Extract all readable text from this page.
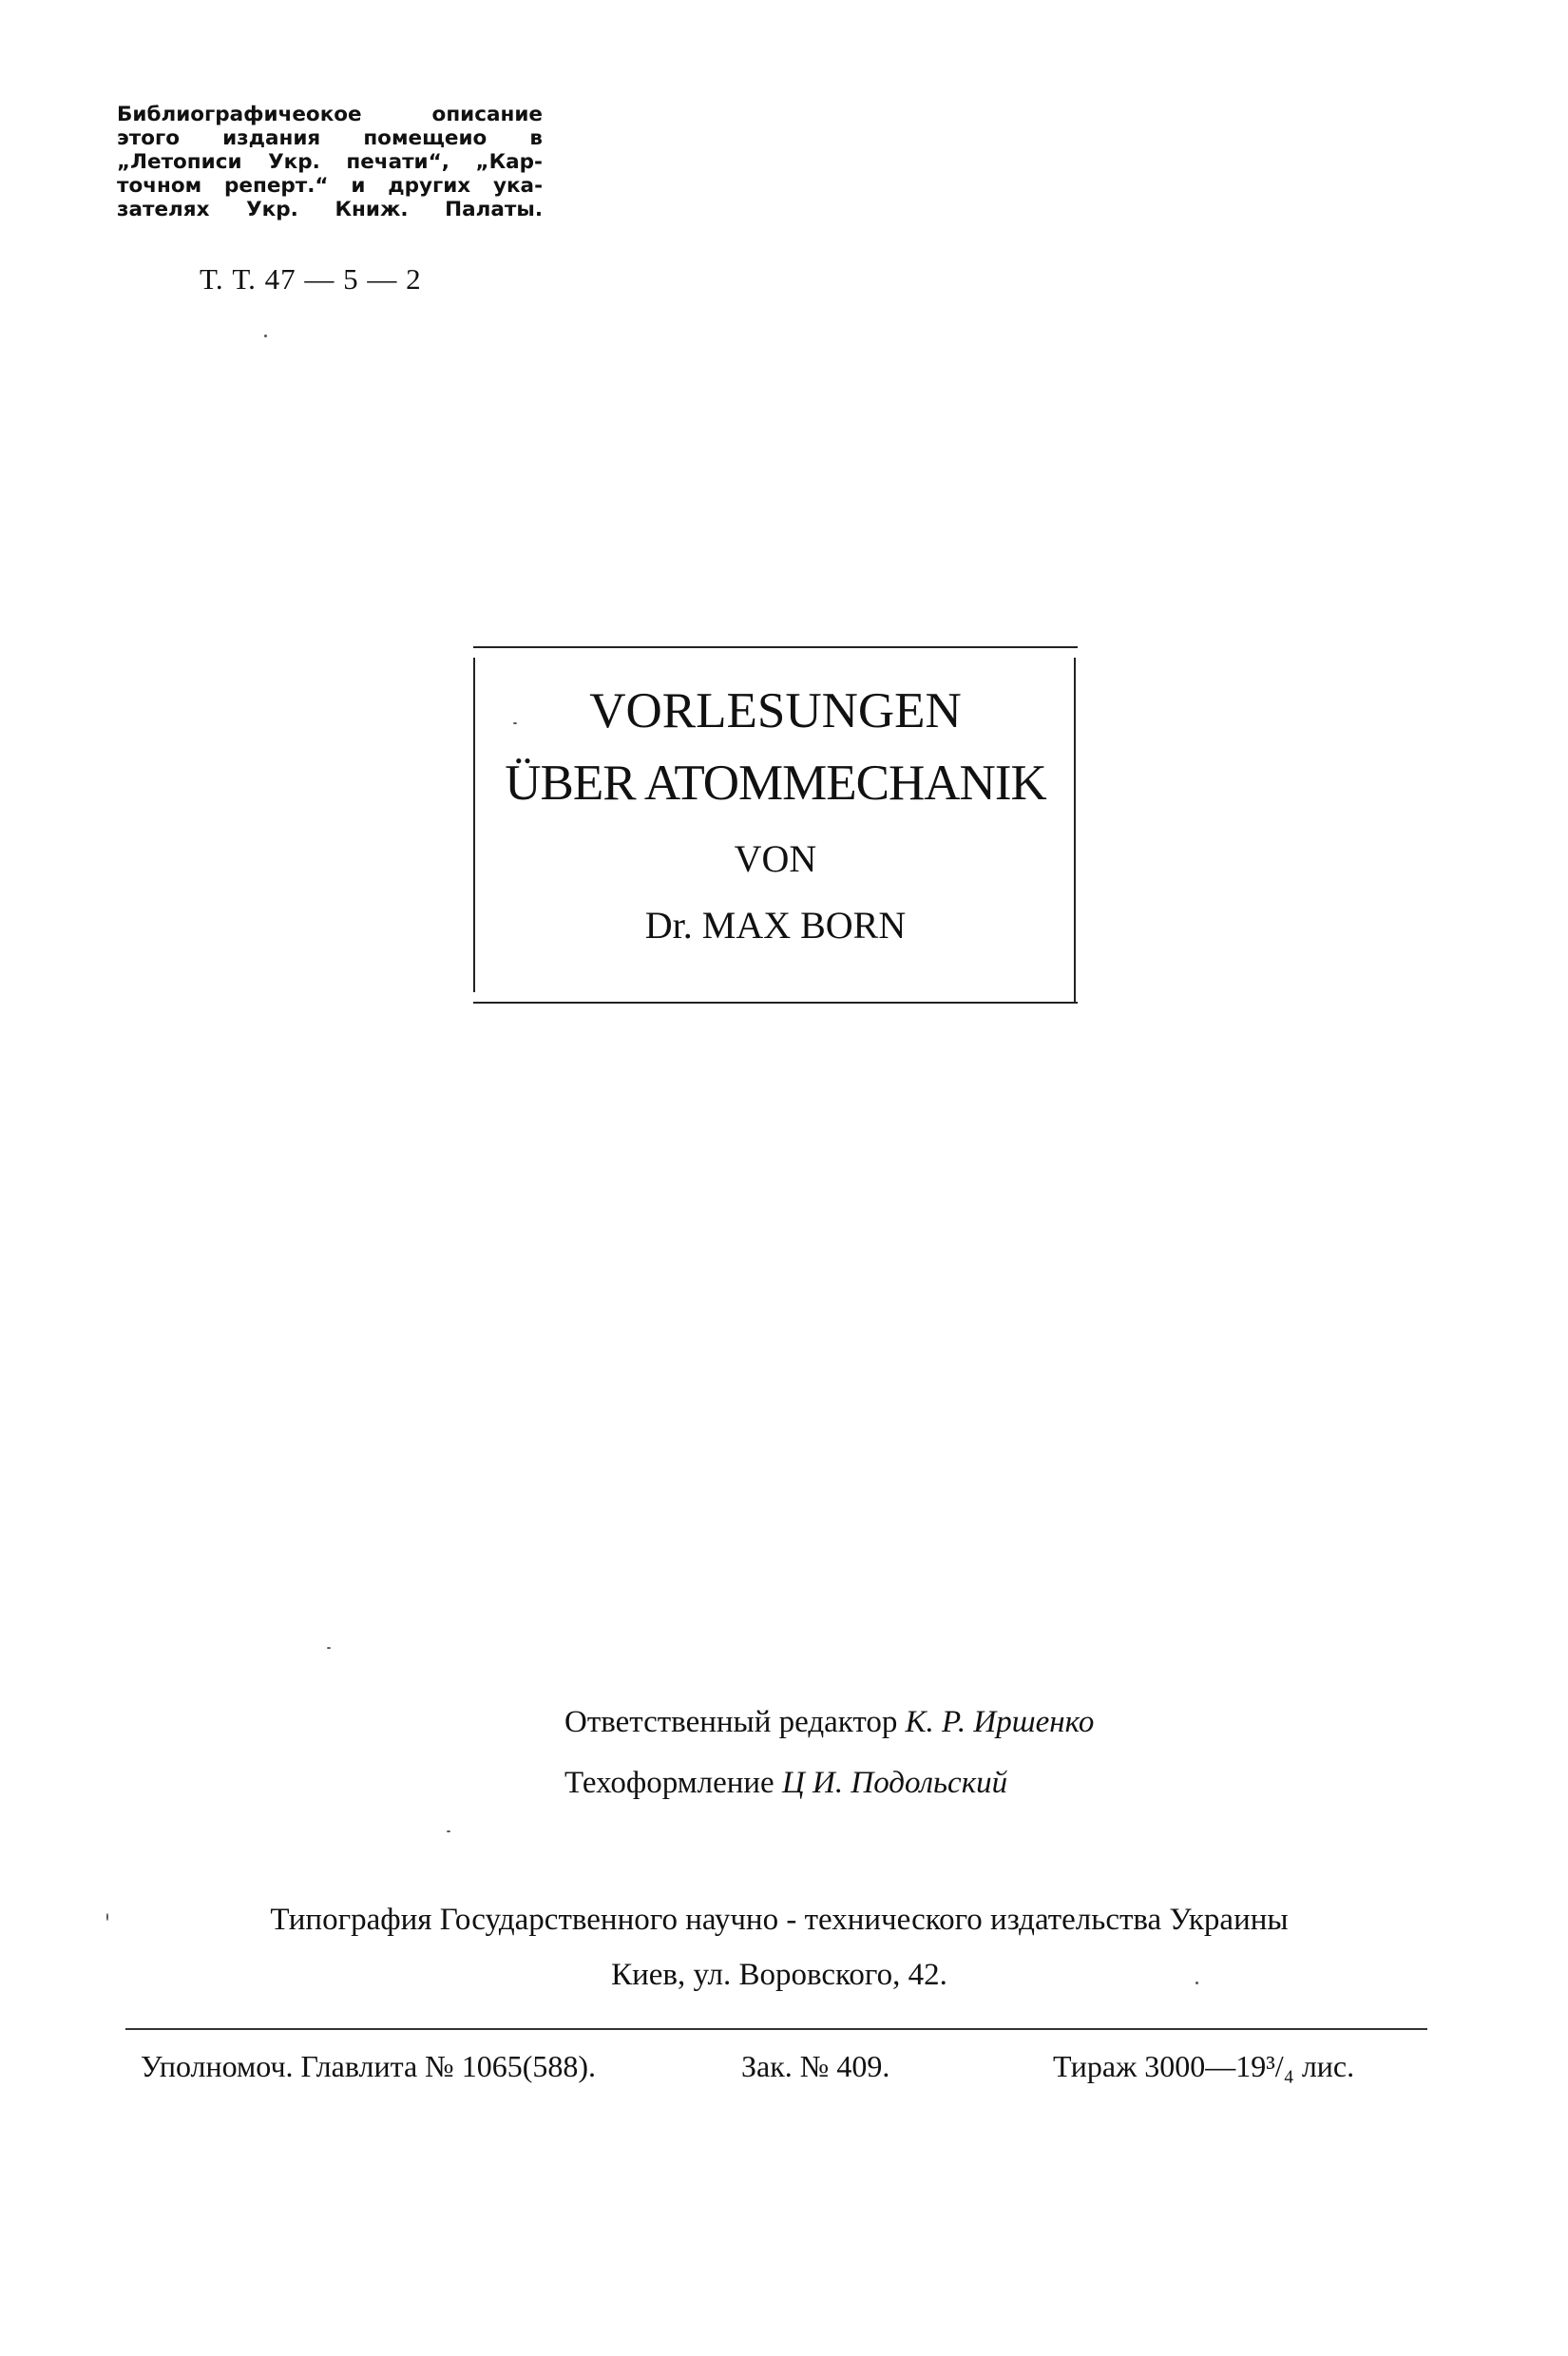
Библиографичеокое описание
этого издания помещеио в
„Летописи Укр. печати“, „Кар-
точном реперт.“ и других ука-
зателях Укр. Книж. Палаты.
Т. Т. 47 — 5 — 2
VORLESUNGEN
ÜBER ATOMMECHANIK
VON
Dr. MAX BORN
Ответственный редактор К. Р. Иршенко
Техоформление Ц И. Подольский
Типография Государственного научно - технического издательства Украины
Киев, ул. Воровского, 42.
Уполномоч. Главлита № 1065(588).	Зак. № 409.	Тираж 3000—19³/₄ лис.
